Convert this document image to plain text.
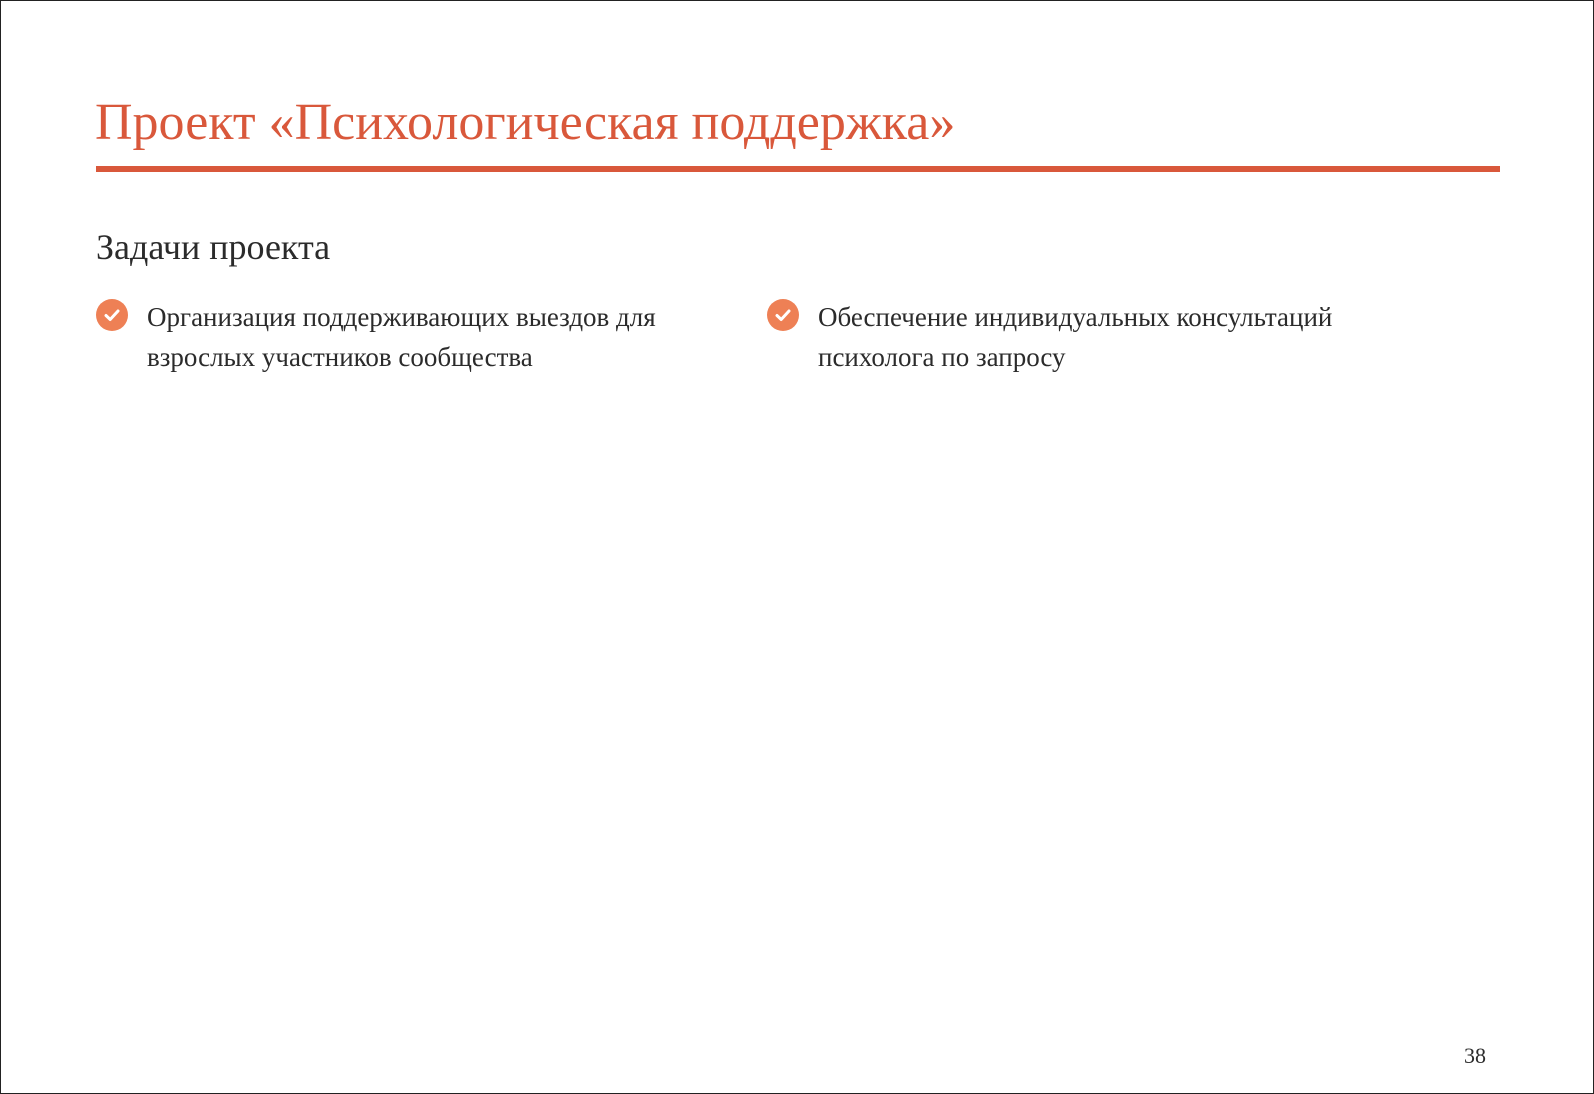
Проект «Психологическая поддержка»
Задачи проекта
Организация поддерживающих выездов для взрослых участников сообщества
Обеспечение индивидуальных консультаций психолога по запросу
38
